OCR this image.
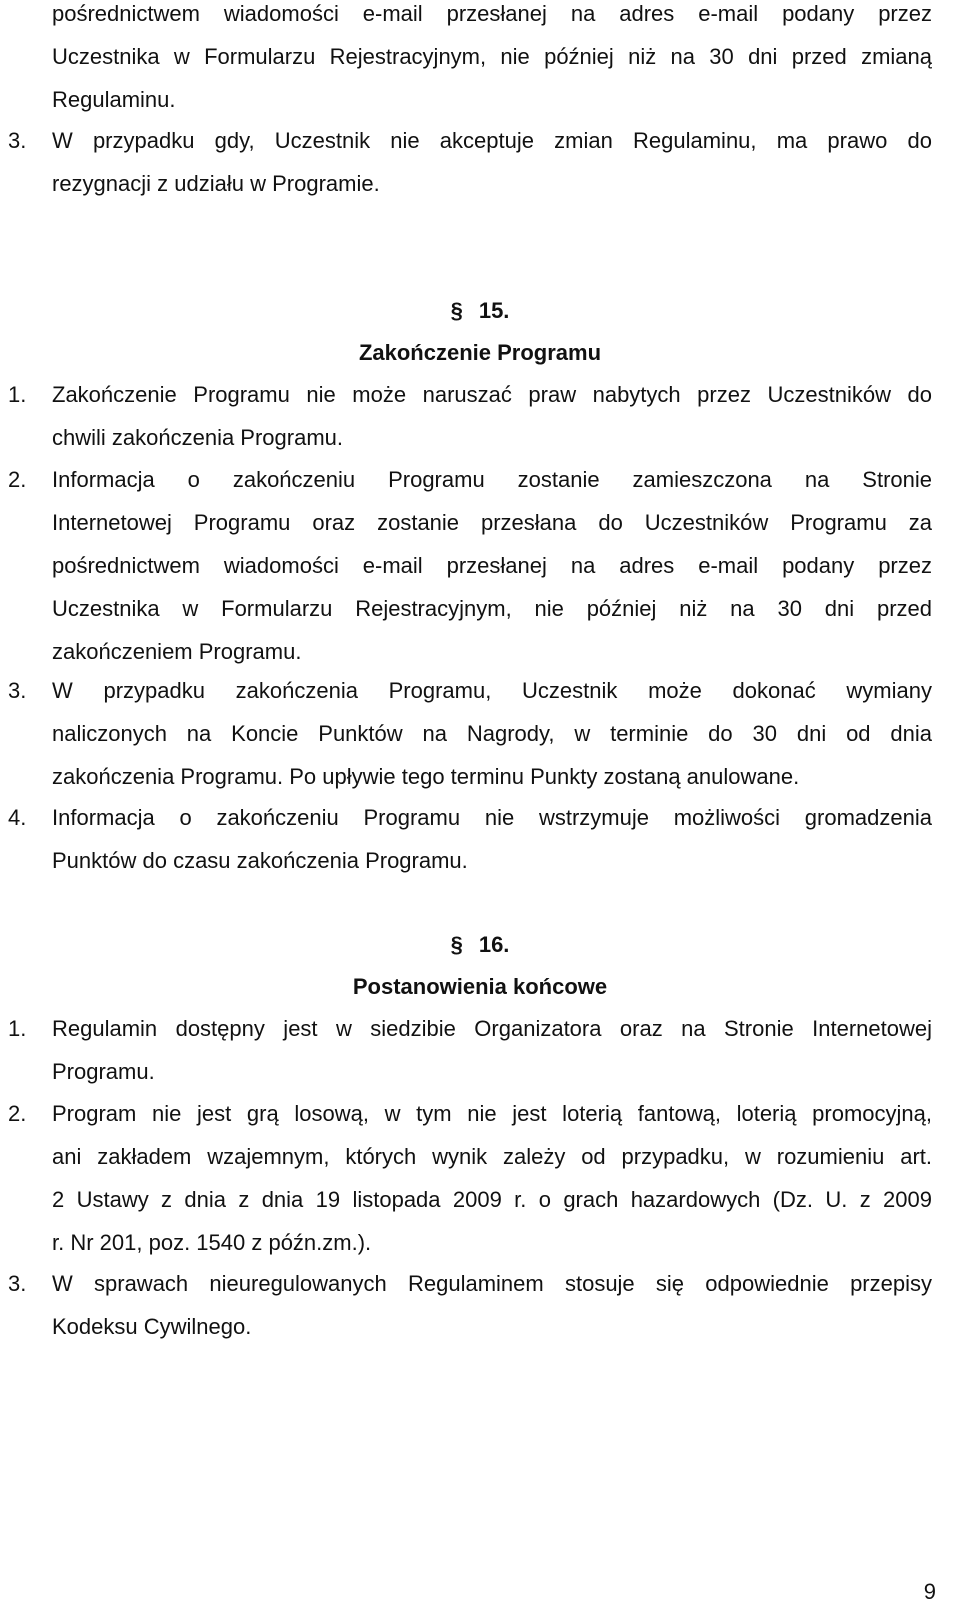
pośrednictwem wiadomości e-mail przesłanej na adres e-mail podany przez
Uczestnika w Formularzu Rejestracyjnym, nie później niż na 30 dni przed zmianą
Regulaminu.
3. W przypadku gdy, Uczestnik nie akceptuje zmian Regulaminu, ma prawo do
rezygnacji z udziału w Programie.
§ 15.
Zakończenie Programu
1. Zakończenie Programu nie może naruszać praw nabytych przez Uczestników do
chwili zakończenia Programu.
2. Informacja o zakończeniu Programu zostanie zamieszczona na Stronie
Internetowej Programu oraz zostanie przesłana do Uczestników Programu za
pośrednictwem wiadomości e-mail przesłanej na adres e-mail podany przez
Uczestnika w Formularzu Rejestracyjnym, nie później niż na 30 dni przed
zakończeniem Programu.
3. W przypadku zakończenia Programu, Uczestnik może dokonać wymiany
naliczonych na Koncie Punktów na Nagrody, w terminie do 30 dni od dnia
zakończenia Programu. Po upływie tego terminu Punkty zostaną anulowane.
4. Informacja o zakończeniu Programu nie wstrzymuje możliwości gromadzenia
Punktów do czasu zakończenia Programu.
§ 16.
Postanowienia końcowe
1. Regulamin dostępny jest w siedzibie Organizatora oraz na Stronie Internetowej
Programu.
2. Program nie jest grą losową, w tym nie jest loterią fantową, loterią promocyjną,
ani zakładem wzajemnym, których wynik zależy od przypadku, w rozumieniu art.
2 Ustawy z dnia z dnia 19 listopada 2009 r. o grach hazardowych (Dz. U. z 2009
r. Nr 201, poz. 1540 z późn.zm.).
3. W sprawach nieuregulowanych Regulaminem stosuje się odpowiednie przepisy
Kodeksu Cywilnego.
9
